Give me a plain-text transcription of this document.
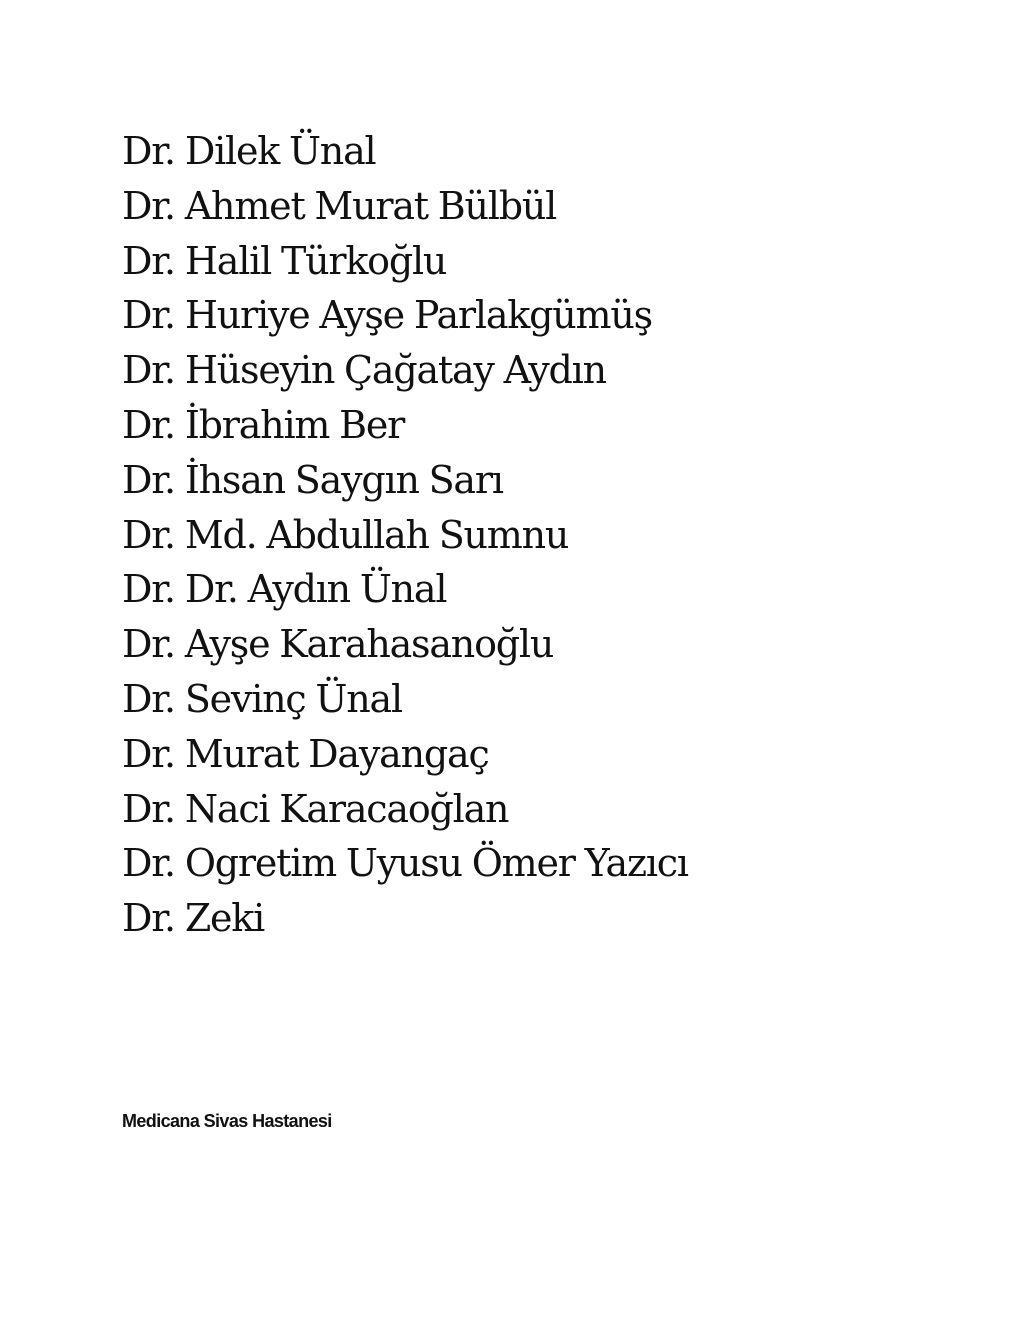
Dr. Dilek Ünal
Dr. Ahmet Murat Bülbül
Dr. Halil Türkoğlu
Dr. Huriye Ayşe Parlakgümüş
Dr. Hüseyin Çağatay Aydın
Dr. İbrahim Ber
Dr. İhsan Saygın Sarı
Dr. Md. Abdullah Sumnu
Dr. Dr. Aydın Ünal
Dr. Ayşe Karahasanoğlu
Dr. Sevinç Ünal
Dr. Murat Dayangaç
Dr. Naci Karacaoğlan
Dr. Ogretim Uyusu Ömer Yazıcı
Dr. Zeki
Medicana Sivas Hastanesi
